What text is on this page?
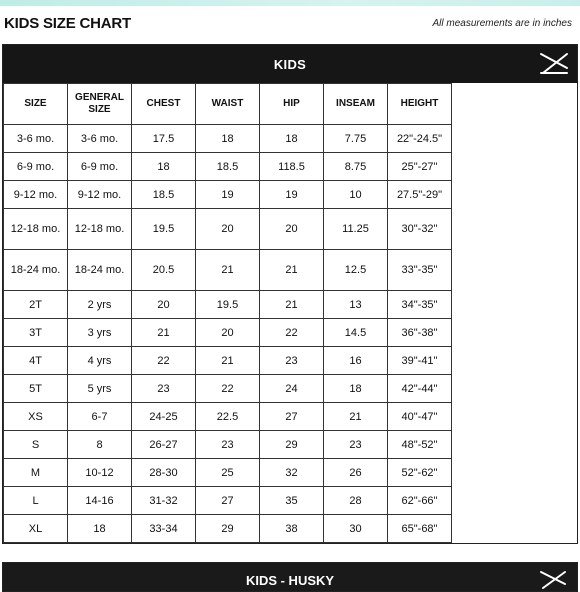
KIDS SIZE CHART	All measurements are in inches
KIDS
SIZE	GENERAL SIZE	CHEST	WAIST	HIP	INSEAM	HEIGHT
3-6 mo.	3-6 mo.	17.5	18	18	7.75	22"-24.5"
6-9 mo.	6-9 mo.	18	18.5	118.5	8.75	25"-27"
9-12 mo.	9-12 mo.	18.5	19	19	10	27.5"-29"
12-18 mo.	12-18 mo.	19.5	20	20	11.25	30"-32"
18-24 mo.	18-24 mo.	20.5	21	21	12.5	33"-35"
2T	2 yrs	20	19.5	21	13	34"-35"
3T	3 yrs	21	20	22	14.5	36"-38"
4T	4 yrs	22	21	23	16	39"-41"
5T	5 yrs	23	22	24	18	42"-44"
XS	6-7	24-25	22.5	27	21	40"-47"
S	8	26-27	23	29	23	48"-52"
M	10-12	28-30	25	32	26	52"-62"
L	14-16	31-32	27	35	28	62"-66"
XL	18	33-34	29	38	30	65"-68"
KIDS - HUSKY
